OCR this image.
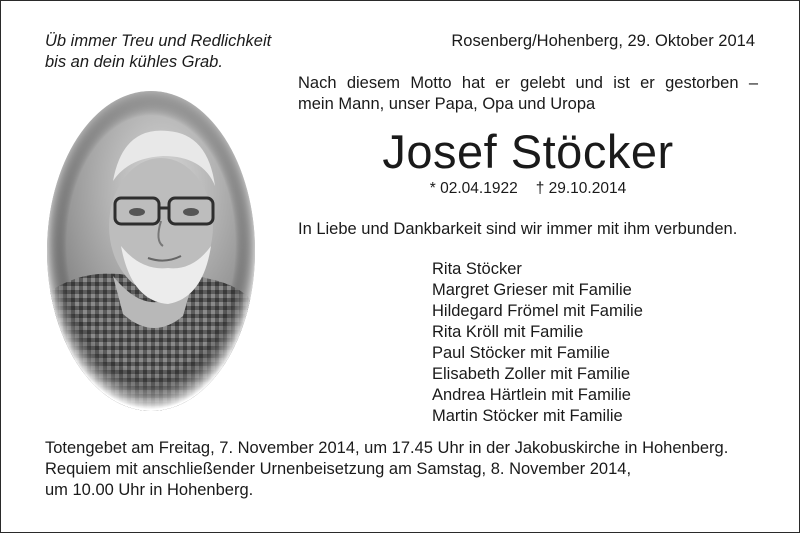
Üb immer Treu und Redlichkeit
bis an dein kühles Grab.
Rosenberg/Hohenberg, 29. Oktober 2014
Nach diesem Motto hat er gelebt und ist er gestorben –
mein Mann, unser Papa, Opa und Uropa
Josef Stöcker
* 02.04.1922 † 29.10.2014
In Liebe und Dankbarkeit sind wir immer mit ihm verbunden.
Rita Stöcker
Margret Grieser mit Familie
Hildegard Frömel mit Familie
Rita Kröll mit Familie
Paul Stöcker mit Familie
Elisabeth Zoller mit Familie
Andrea Härtlein mit Familie
Martin Stöcker mit Familie
Totengebet am Freitag, 7. November 2014, um 17.45 Uhr in der Jakobuskirche in Hohenberg.
Requiem mit anschließender Urnenbeisetzung am Samstag, 8. November 2014,
um 10.00 Uhr in Hohenberg.
